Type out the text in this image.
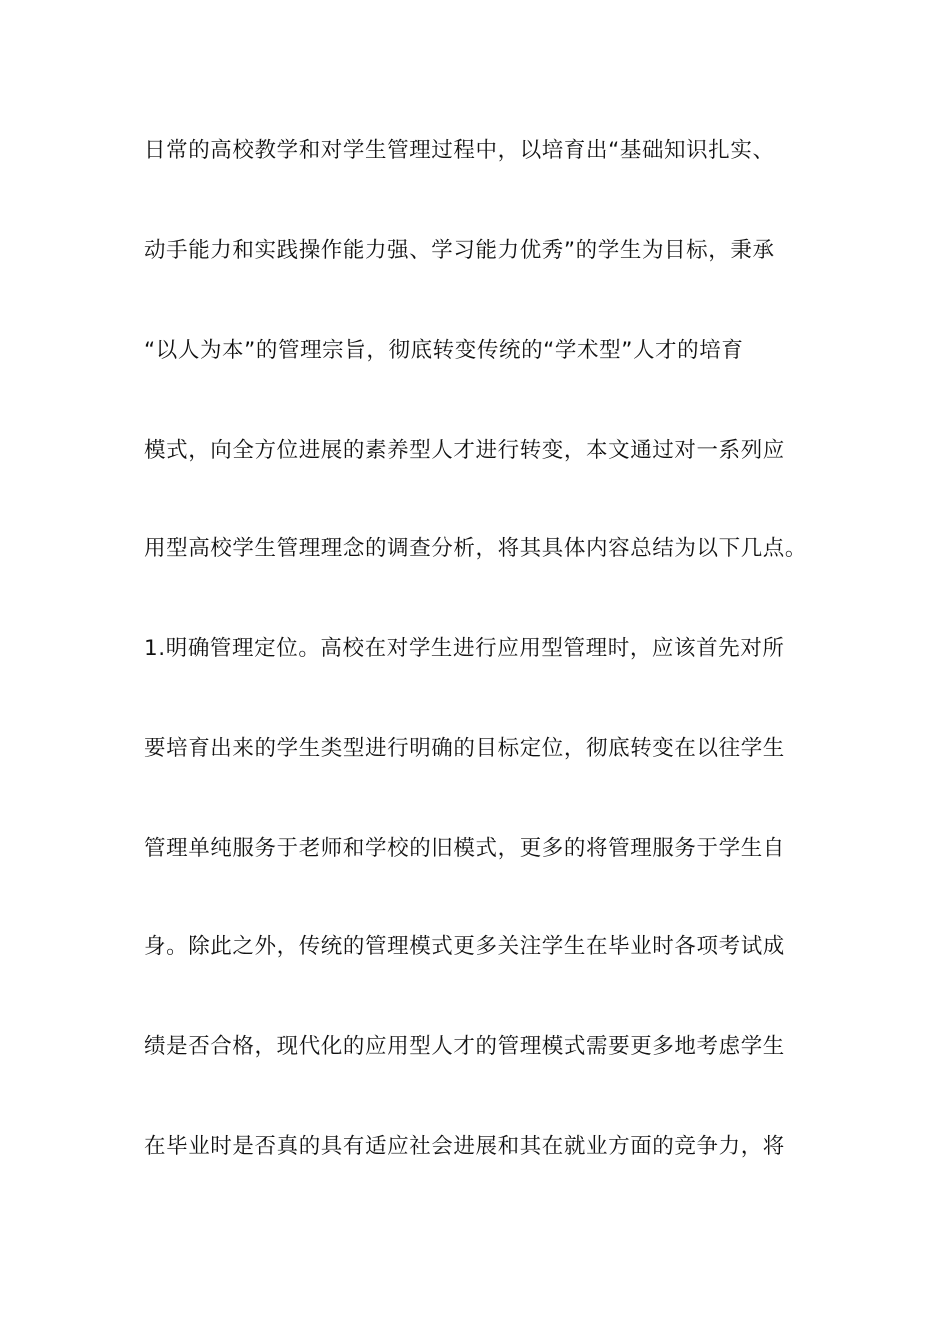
日常的高校教学和对学生管理过程中，以培育出“基础知识扎实、
动手能力和实践操作能力强、学习能力优秀”的学生为目标，秉承
“以人为本”的管理宗旨，彻底转变传统的“学术型”人才的培育
模式，向全方位进展的素养型人才进行转变，本文通过对一系列应
用型高校学生管理理念的调查分析，将其具体内容总结为以下几点。
1.明确管理定位。高校在对学生进行应用型管理时，应该首先对所
要培育出来的学生类型进行明确的目标定位，彻底转变在以往学生
管理单纯服务于老师和学校的旧模式，更多的将管理服务于学生自
身。除此之外，传统的管理模式更多关注学生在毕业时各项考试成
绩是否合格，现代化的应用型人才的管理模式需要更多地考虑学生
在毕业时是否真的具有适应社会进展和其在就业方面的竞争力，将
